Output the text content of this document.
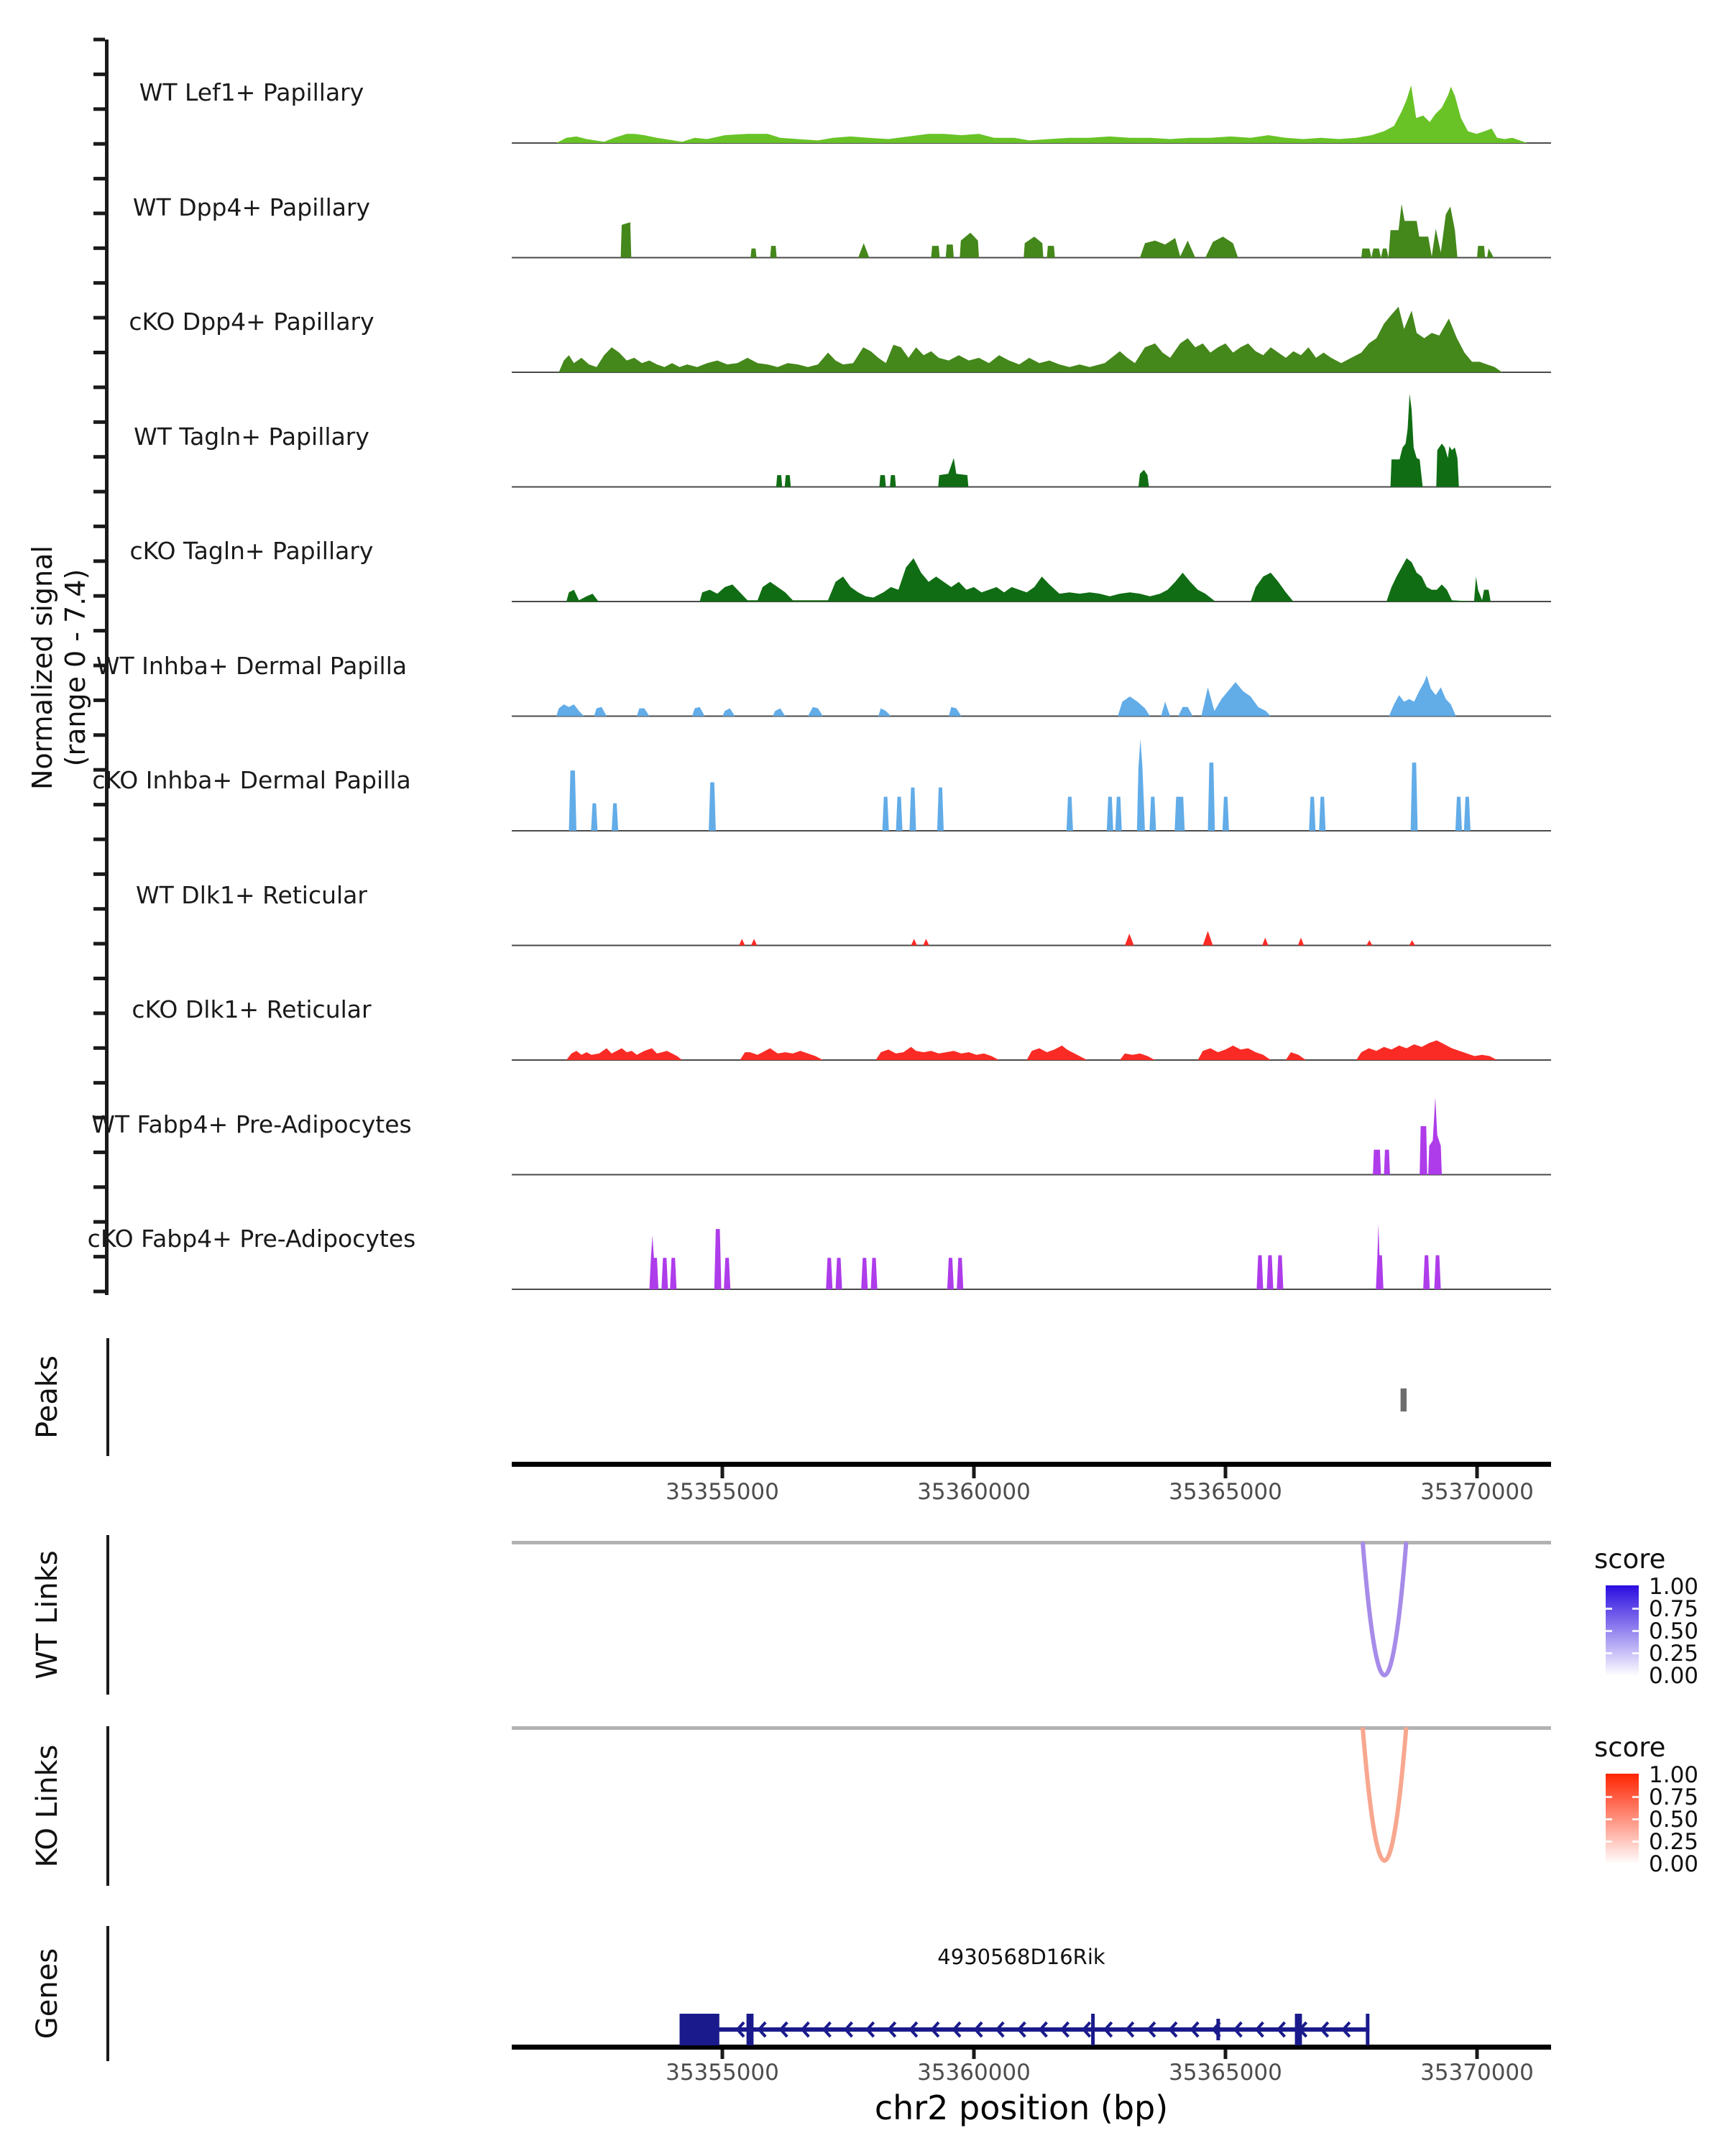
Normalized signal (range 0 - 7.4)
WT Lef1+ Papillary
WT Dpp4+ Papillary
cKO Dpp4+ Papillary
WT Tagln+ Papillary
cKO Tagln+ Papillary
WT Inhba+ Dermal Papilla
cKO Inhba+ Dermal Papilla
WT Dlk1+ Reticular
cKO Dlk1+ Reticular
WT Fabp4+ Pre-Adipocytes
cKO Fabp4+ Pre-Adipocytes
Peaks
WT Links
KO Links
Genes
35355000	35360000	35365000	35370000
score
1.00
0.75
0.50
0.25
0.00
score
1.00
0.75
0.50
0.25
0.00
4930568D16Rik
35355000	35360000	35365000	35370000
chr2 position (bp)
